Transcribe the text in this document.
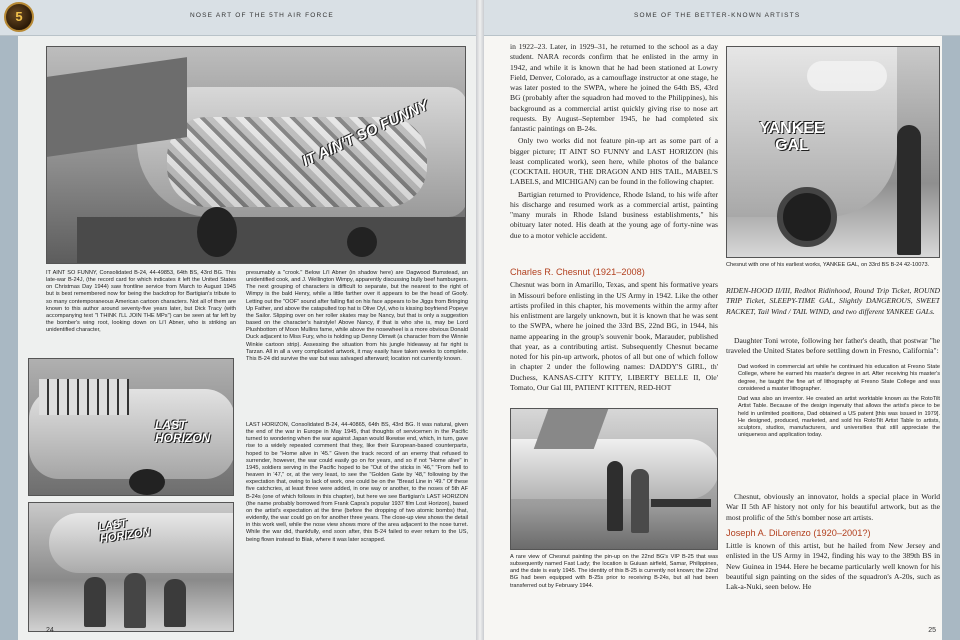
5	NOSE ART OF THE 5TH AIR FORCE
IT AIN'T SO FUNNY
IT AINT SO FUNNY, Consolidated B-24, 44-49853, 64th BS, 43rd BG. This late-war B-24J, (the record card for which indicates it left the United States on Christmas Day 1944) saw frontline service from March to August 1945 but is best remembered now for being the backdrop for Bartigian's tribute to so many contemporaneous American cartoon characters. Not all of them are known to this author around seventy-five years later, but Dick Tracy (with accompanying text "I THINK I'LL JOIN THE MPs") can be seen at far left by the bomber's wing root, looking down on Li'l Abner, who is striking an unidentified character,
presumably a "crook." Below Li'l Abner (in shadow here) are Dagwood Bumstead, an unidentified cook, and J. Wellington Wimpy, apparently discussing bully beef hamburgers. The next grouping of characters is difficult to separate, but the nearest to the right of Wimpy is the bald Henry, while a little farther over it appears to be the head of Goofy. Letting out the "OOF" sound after falling flat on his face appears to be Jiggs from Bringing Up Father, and above the catapulted top hat is Olive Oyl, who is kissing boyfriend Popeye the Sailor. Slipping over on her roller skates may be Nancy, but that is only a suggestion based on the character's hairstyle! Above Nancy, if that is who she is, may be Lord Plushbottom of Moon Mullins fame, while above the nosewheel is a more obvious Donald Duck adjacent to Miss Fury, who is holding up Denny Dimwit (a character from the Winnie Winkie cartoon strip). Assessing the situation from his jungle hideaway at far right is Tarzan. All in all a very complicated artwork, it may easily have taken weeks to complete. This B-24 did survive the war but was salvaged afterward; location not currently known.
LAST HORIZON
LAST HORIZON
LAST HORIZON, Consolidated B-24, 44-40865, 64th BS, 43rd BG. It was natural, given the end of the war in Europe in May 1945, that thoughts of servicemen in the Pacific turned to wondering when the war against Japan would likewise end, which, in turn, gave rise to a widely repeated comment that they, like their European-based counterparts, hoped to be "Home alive in '45." Given the track record of an enemy that refused to surrender, however, the war could easily go on for years, and so if not "Home alive" in 1945, soldiers serving in the Pacific hoped to be "Out of the sticks in '46," "From hell to heaven in '47," or, at the very least, to see the "Golden Gate by '48," following by the expectation that, owing to lack of work, one could be on the "Bread Line in '49." Of these five catchcries, at least three were added, in one way or another, to the noses of 5th AF B-24s (one of which follows in this chapter), but here we see Bartigian's LAST HORIZON (the name probably borrowed from Frank Capra's popular 1937 film Lost Horizon), based on the artist's expectation at the time (before the dropping of two atomic bombs) that, evidently, the war could go on for another three years. The close-up view shows the detail in this work well, while the nose view shows more of the area adjacent to the nose turret. While the war did, thankfully, end soon after, this B-24 failed to ever return to the US, being flown instead to Biak, where it was later scrapped.
24
SOME OF THE BETTER-KNOWN ARTISTS

in 1922–23. Later, in 1929–31, he returned to the school as a day student. NARA records confirm that he enlisted in the army in 1942, and while it is known that he had been stationed at Lowry Field, Denver, Colorado, as a camouflage instructor at one stage, he was later posted to the SWPA, where he joined the 64th BS, 43rd BG (probably after the squadron had moved to the Philippines), his background as a commercial artist quickly giving rise to nose art requests. By August–September 1945, he had completed six fantastic paintings on B-24s.

Only two works did not feature pin-up art as some part of a bigger picture; IT AINT SO FUNNY and LAST HORIZON (his least complicated work), seen here, while photos of the balance (COCKTAIL HOUR, THE DRAGON AND HIS TAIL, MABEL'S LABELS, and MICHIGAN) can be found in the following chapter.

Bartigian returned to Providence, Rhode Island, to his wife after his discharge and resumed work as a commercial artist, painting "many murals in Rhode Island business establishments," his obituary later noted. His death at the young age of forty-nine was due to a motor vehicle accident.

Charles R. Chesnut (1921–2008)

Chesnut was born in Amarillo, Texas, and spent his formative years in Missouri before enlisting in the US Army in 1942. Like the other artists profiled in this chapter, his movements within the army after his enlistment are largely unknown, but it is known that he was sent to the SWPA, where he joined the 33rd BS, 22nd BG, in 1944, his name appearing in the group's souvenir book, Marauder, published that year, as a contributing artist. Subsequently Chesnut became noted for his pin-up artwork, photos of all but one of which follow in chapter 2 under the following names: DADDY'S GIRL, th' Duchess, KANSAS-CITY KITTY, LIBERTY BELLE II, Ole' Tomato, Our Gal III, PATIENT KITTEN, RED-HOT

A rare view of Chesnut painting the pin-up on the 22nd BG's VIP B-25 that was subsequently named Fast Lady; the location is Guiuan airfield, Samar, Philippines, and the date is early 1945. The identity of this B-25 is currently not known; the 22nd BG had been equipped with B-25s prior to receiving B-24s, but all had been transferred out by February 1944.
YANKEE GAL
Chesnut with one of his earliest works, YANKEE GAL, on 33rd BS B-24 42-10073.

RIDEN-HOOD II/III, Redhot Ridinhood, Round Trip Ticket, ROUND TRIP Ticket, SLEEPY-TIME GAL, Slightly DANGEROUS, SWEET RACKET, Tail Wind / TAIL WIND, and two different YANKEE GALs.

Daughter Toni wrote, following her father's death, that postwar "he traveled the United States before settling down in Fresno, California":

Dad worked in commercial art while he continued his education at Fresno State College, where he earned his master's degree in art. After receiving his master's degree, he taught the fine art of lithography at Fresno State College and was considered a master lithographer.

Dad was also an inventor. He created an artist worktable known as the RotoTilt Artist Table. Because of the design ingenuity that allows the artist's piece to be held in unlimited positions, Dad obtained a US patent [this was issued in 1979]. He designed, produced, marketed, and sold his RotoTilt Artist Table to artists, sculptors, studios, manufacturers, and universities that still appreciate the uniqueness and application today.

Chesnut, obviously an innovator, holds a special place in World War II 5th AF history not only for his beautiful artwork, but as the most prolific of the 5th's bomber nose art artists.

Joseph A. DiLorenzo (1920–2001?)

Little is known of this artist, but he hailed from New Jersey and enlisted in the US Army in 1942, finding his way to the 389th BS in New Guinea in 1944. Here he became particularly well known for his beautiful sign painting on the sides of the squadron's A-20s, such as Lak-a-Nuki, seen below. He

25
